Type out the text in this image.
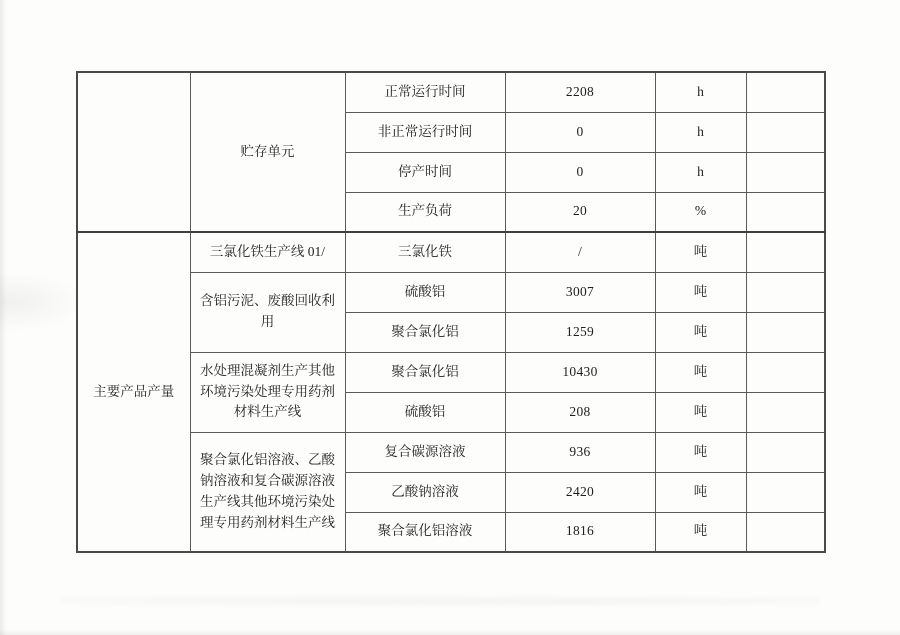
	贮存单元	正常运行时间	2208	h	
		非正常运行时间	0	h	
		停产时间	0	h	
		生产负荷	20	%	
主要产品产量	三氯化铁生产线 01/	三氯化铁	/	吨	
	含铝污泥、废酸回收利用	硫酸铝	3007	吨	
		聚合氯化铝	1259	吨	
	水处理混凝剂生产其他环境污染处理专用药剂材料生产线	聚合氯化铝	10430	吨	
		硫酸铝	208	吨	
	聚合氯化铝溶液、乙酸钠溶液和复合碳源溶液生产线其他环境污染处理专用药剂材料生产线	复合碳源溶液	936	吨	
		乙酸钠溶液	2420	吨	
		聚合氯化铝溶液	1816	吨	
